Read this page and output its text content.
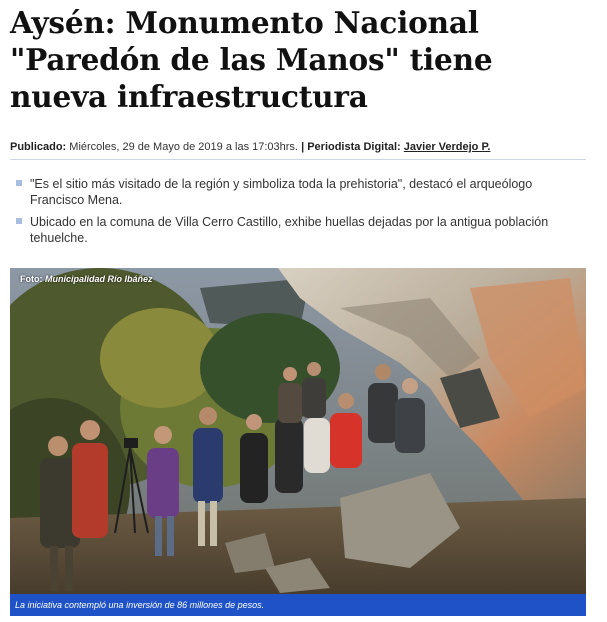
Aysén: Monumento Nacional "Paredón de las Manos" tiene nueva infraestructura
Publicado: Miércoles, 29 de Mayo de 2019 a las 17:03hrs. | Periodista Digital: Javier Verdejo P.
"Es el sitio más visitado de la región y simboliza toda la prehistoria", destacó el arqueólogo Francisco Mena.
Ubicado en la comuna de Villa Cerro Castillo, exhibe huellas dejadas por la antigua población tehuelche.
Foto: Municipalidad Río Ibáñez
La iniciativa contempló una inversión de 86 millones de pesos.
